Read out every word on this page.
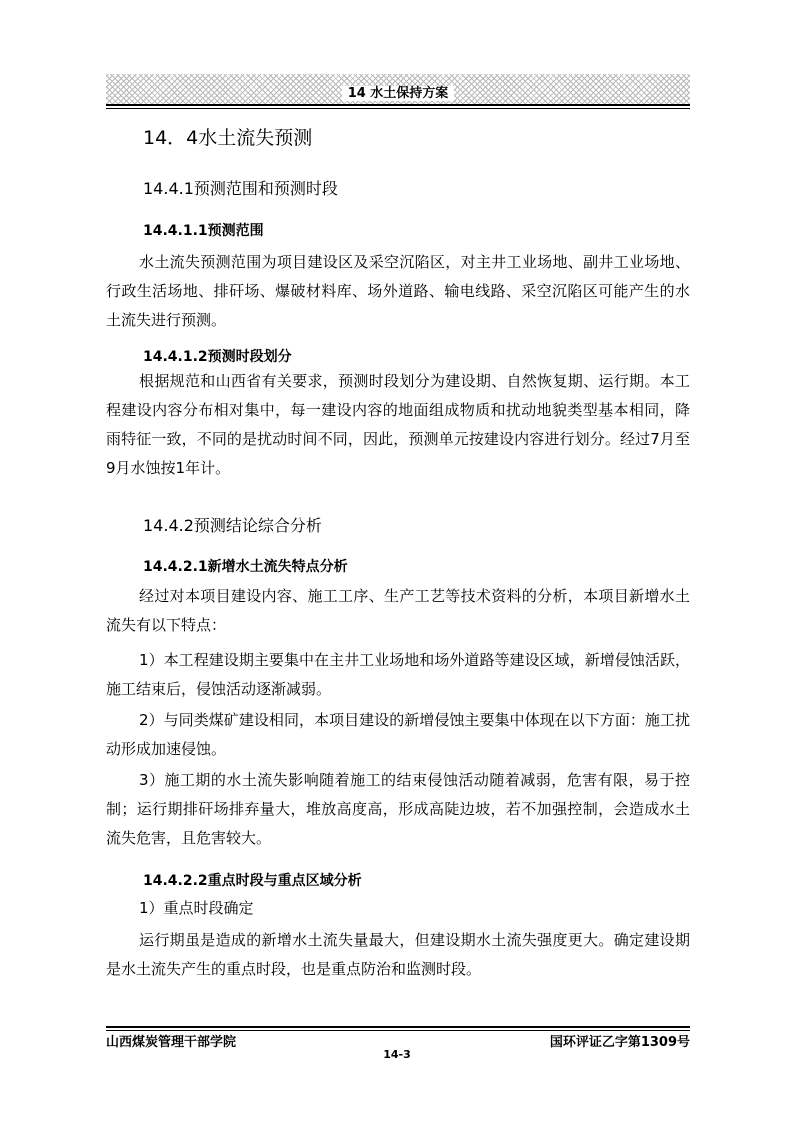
14 水土保持方案
14．4水土流失预测
14.4.1预测范围和预测时段
14.4.1.1预测范围
水土流失预测范围为项目建设区及采空沉陷区，对主井工业场地、副井工业场地、行政生活场地、排矸场、爆破材料库、场外道路、输电线路、采空沉陷区可能产生的水土流失进行预测。
14.4.1.2预测时段划分
根据规范和山西省有关要求，预测时段划分为建设期、自然恢复期、运行期。本工程建设内容分布相对集中，每一建设内容的地面组成物质和扰动地貌类型基本相同，降雨特征一致，不同的是扰动时间不同，因此，预测单元按建设内容进行划分。经过7月至9月水蚀按1年计。
14.4.2预测结论综合分析
14.4.2.1新增水土流失特点分析
经过对本项目建设内容、施工工序、生产工艺等技术资料的分析，本项目新增水土流失有以下特点：
1）本工程建设期主要集中在主井工业场地和场外道路等建设区域，新增侵蚀活跃，施工结束后，侵蚀活动逐渐减弱。
2）与同类煤矿建设相同，本项目建设的新增侵蚀主要集中体现在以下方面：施工扰动形成加速侵蚀。
3）施工期的水土流失影响随着施工的结束侵蚀活动随着减弱，危害有限，易于控制；运行期排矸场排弃量大，堆放高度高，形成高陡边坡，若不加强控制，会造成水土流失危害，且危害较大。
14.4.2.2重点时段与重点区域分析
1）重点时段确定
运行期虽是造成的新增水土流失量最大，但建设期水土流失强度更大。确定建设期是水土流失产生的重点时段，也是重点防治和监测时段。
山西煤炭管理干部学院	国环评证乙字第1309号
14-3
